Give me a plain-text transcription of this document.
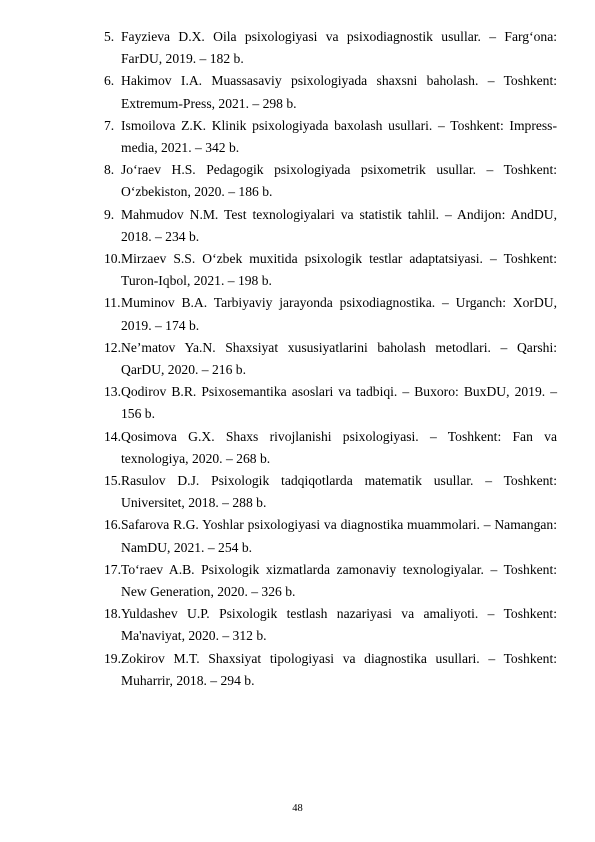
5. Fayzieva D.X. Oila psixologiyasi va psixodiagnostik usullar. – Farg‘ona: FarDU, 2019. – 182 b.
6. Hakimov I.A. Muassasaviy psixologiyada shaxsni baholash. – Toshkent: Extremum-Press, 2021. – 298 b.
7. Ismoilova Z.K. Klinik psixologiyada baxolash usullari. – Toshkent: Impress-media, 2021. – 342 b.
8. Jo‘raev H.S. Pedagogik psixologiyada psixometrik usullar. – Toshkent: O‘zbekiston, 2020. – 186 b.
9. Mahmudov N.M. Test texnologiyalari va statistik tahlil. – Andijon: AndDU, 2018. – 234 b.
10. Mirzaev S.S. O‘zbek muxitida psixologik testlar adaptatsiyasi. – Toshkent: Turon-Iqbol, 2021. – 198 b.
11. Muminov B.A. Tarbiyaviy jarayonda psixodiagnostika. – Urganch: XorDU, 2019. – 174 b.
12. Ne’matov Ya.N. Shaxsiyat xususiyatlarini baholash metodlari. – Qarshi: QarDU, 2020. – 216 b.
13. Qodirov B.R. Psixosemantika asoslari va tadbiqi. – Buxoro: BuxDU, 2019. – 156 b.
14. Qosimova G.X. Shaxs rivojlanishi psixologiyasi. – Toshkent: Fan va texnologiya, 2020. – 268 b.
15. Rasulov D.J. Psixologik tadqiqotlarda matematik usullar. – Toshkent: Universitet, 2018. – 288 b.
16. Safarova R.G. Yoshlar psixologiyasi va diagnostika muammolari. – Namangan: NamDU, 2021. – 254 b.
17. To‘raev A.B. Psixologik xizmatlarda zamonaviy texnologiyalar. – Toshkent: New Generation, 2020. – 326 b.
18. Yuldashev U.P. Psixologik testlash nazariyasi va amaliyoti. – Toshkent: Ma'naviyat, 2020. – 312 b.
19. Zokirov M.T. Shaxsiyat tipologiyasi va diagnostika usullari. – Toshkent: Muharrir, 2018. – 294 b.
48
